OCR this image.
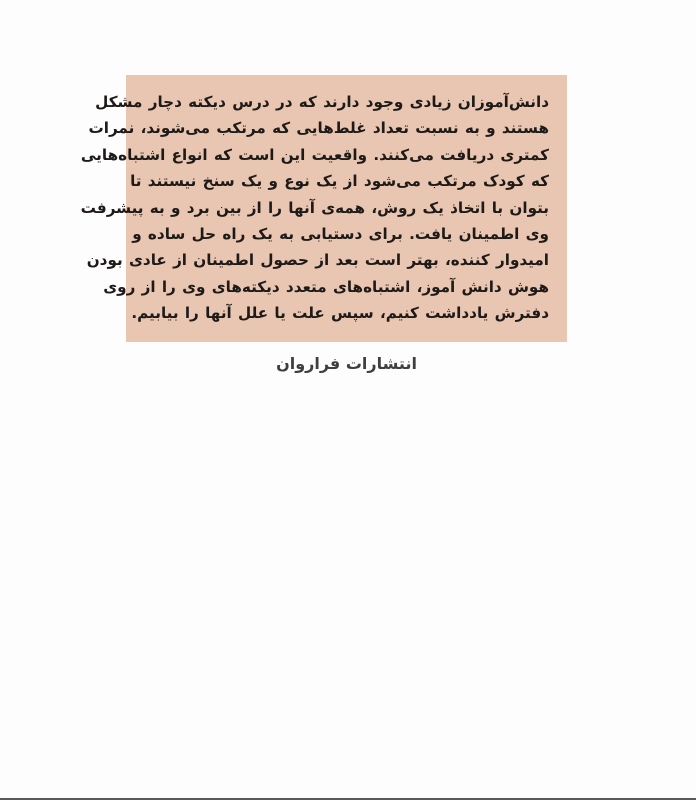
دانش‌آموزان زیادی وجود دارند که در درس دیکته دچار مشکل
هستند و به نسبت تعداد غلط‌هایی که مرتکب می‌شوند، نمرات
کمتری دریافت می‌کنند. واقعیت این است که انواع اشتباه‌هایی
که کودک مرتکب می‌شود از یک نوع و یک سنخ نیستند تا
بتوان با اتخاذ یک روش، همه‌ی آنها را از بین برد و به پیشرفت
وی اطمینان یافت. برای دستیابی به یک راه حل ساده و
امیدوار کننده، بهتر است بعد از حصول اطمینان از عادی بودن
هوش دانش آموز، اشتباه‌های متعدد دیکته‌های وی را از روی
دفترش یادداشت کنیم، سپس علت یا علل آنها را بیابیم.

انتشارات فراروان
